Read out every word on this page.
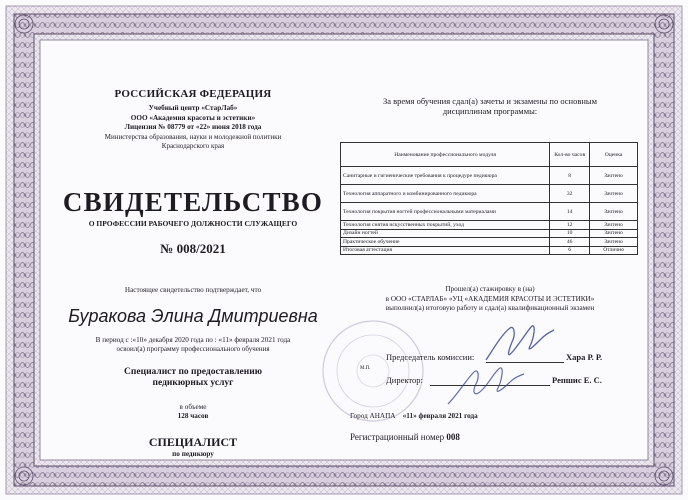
РОССИЙСКАЯ ФЕДЕРАЦИЯ
Учебный центр «СтарЛаб»
ООО «Академия красоты и эстетики»
Лицензия № 08779 от «22» июня 2018 года
Министерства образования, науки и молодежной политики
Краснодарского края
СВИДЕТЕЛЬСТВО
О ПРОФЕССИИ РАБОЧЕГО ДОЛЖНОСТИ СЛУЖАЩЕГО
№ 008/2021
Настоящее свидетельство подтверждает, что
Буракова Элина Дмитриевна
В период с :«10» декабря 2020 года по : «11» февраля 2021 года
освоил(а) программу профессионального обучения
Специалист по предоставлению
педикюрных услуг
в объеме
128 часов
СПЕЦИАЛИСТ
по педикюру
За время обучения сдал(а) зачеты и экзамены по основным
дисциплинам программы:
Наименование профессионального модуля	Кол-во часов	Оценка
Санитарные и гигиенические требования к процедуре педикюра	8	Зачтено
Технология аппаратного и комбинированного педикюра	32	Зачтено
Технология покрытия ногтей профессиональными материалами	14	Зачтено
Технология снятия искусственных покрытий, уход	12	Зачтено
Дизайн ногтей	10	Зачтено
Практическое обучение	46	Зачтено
Итоговая аттестация	6	Отлично
Прошел(а) стажировку в (на)
в ООО «СТАРЛАБ» «УЦ «АКАДЕМИЯ КРАСОТЫ И ЭСТЕТИКИ»
выполнил(а) итоговую работу и сдал(а) квалификационный экзамен
М.П.
Председатель комиссии:	Хара Р. Р.
Директор:	Репшис Е. С.
Город АНАПА «11» февраля 2021 года
Регистрационный номер 008
